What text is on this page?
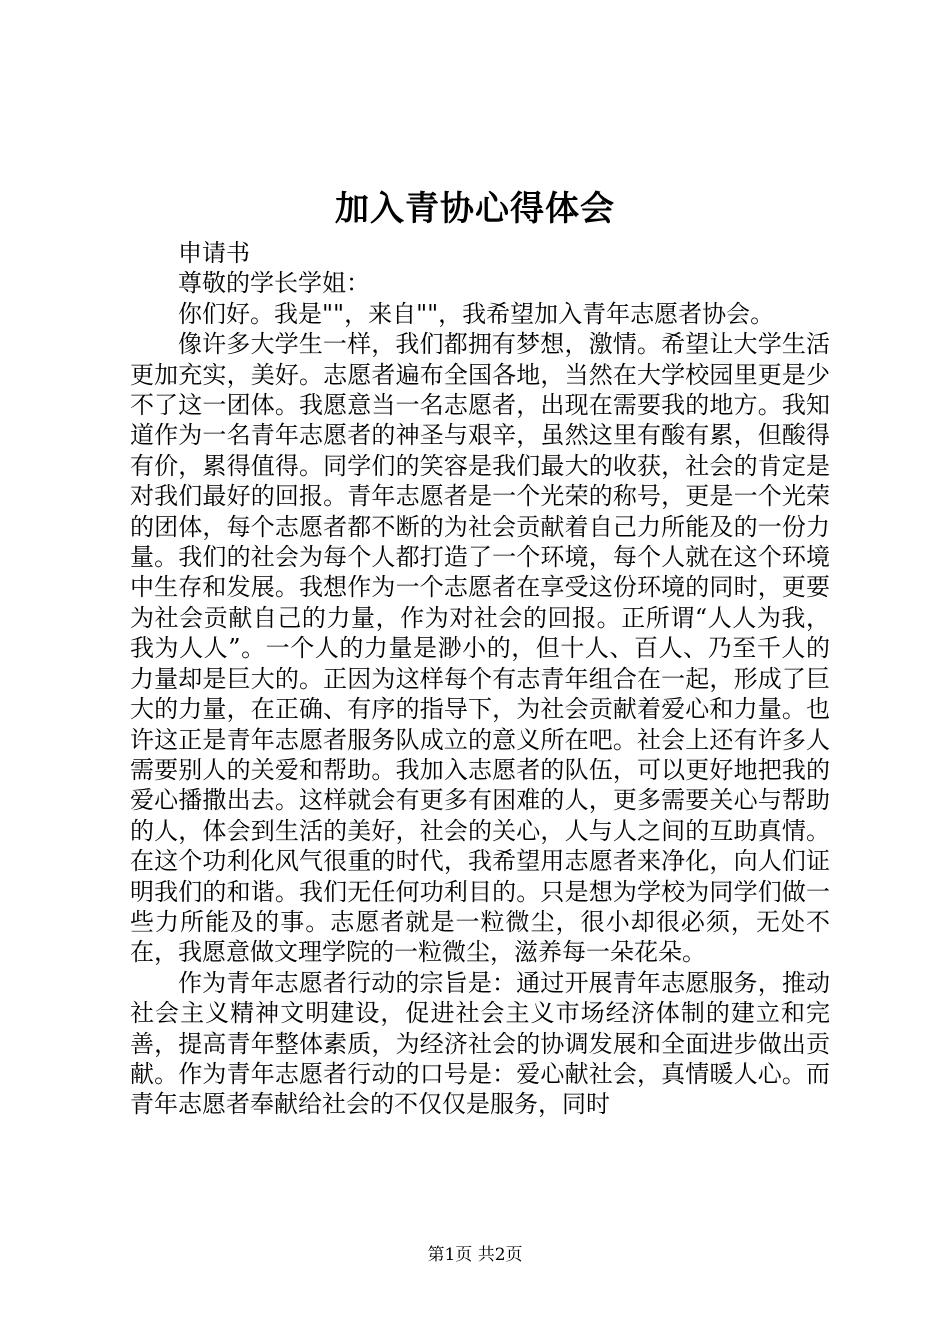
加入青协心得体会

申请书

尊敬的学长学姐：

你们好。我是""，来自""，我希望加入青年志愿者协会。

像许多大学生一样，我们都拥有梦想，激情。希望让大学生活更加充实，美好。志愿者遍布全国各地，当然在大学校园里更是少不了这一团体。我愿意当一名志愿者，出现在需要我的地方。我知道作为一名青年志愿者的神圣与艰辛，虽然这里有酸有累，但酸得有价，累得值得。同学们的笑容是我们最大的收获，社会的肯定是对我们最好的回报。青年志愿者是一个光荣的称号，更是一个光荣的团体，每个志愿者都不断的为社会贡献着自己力所能及的一份力量。我们的社会为每个人都打造了一个环境，每个人就在这个环境中生存和发展。我想作为一个志愿者在享受这份环境的同时，更要为社会贡献自己的力量，作为对社会的回报。正所谓“人人为我，我为人人”。一个人的力量是渺小的，但十人、百人、乃至千人的力量却是巨大的。正因为这样每个有志青年组合在一起，形成了巨大的力量，在正确、有序的指导下，为社会贡献着爱心和力量。也许这正是青年志愿者服务队成立的意义所在吧。社会上还有许多人需要别人的关爱和帮助。我加入志愿者的队伍，可以更好地把我的爱心播撒出去。这样就会有更多有困难的人，更多需要关心与帮助的人，体会到生活的美好，社会的关心，人与人之间的互助真情。在这个功利化风气很重的时代，我希望用志愿者来净化，向人们证明我们的和谐。我们无任何功利目的。只是想为学校为同学们做一些力所能及的事。志愿者就是一粒微尘，很小却很必须，无处不在，我愿意做文理学院的一粒微尘，滋养每一朵花朵。

作为青年志愿者行动的宗旨是：通过开展青年志愿服务，推动社会主义精神文明建设，促进社会主义市场经济体制的建立和完善，提高青年整体素质，为经济社会的协调发展和全面进步做出贡献。作为青年志愿者行动的口号是：爱心献社会，真情暖人心。而青年志愿者奉献给社会的不仅仅是服务，同时

第1页 共2页
